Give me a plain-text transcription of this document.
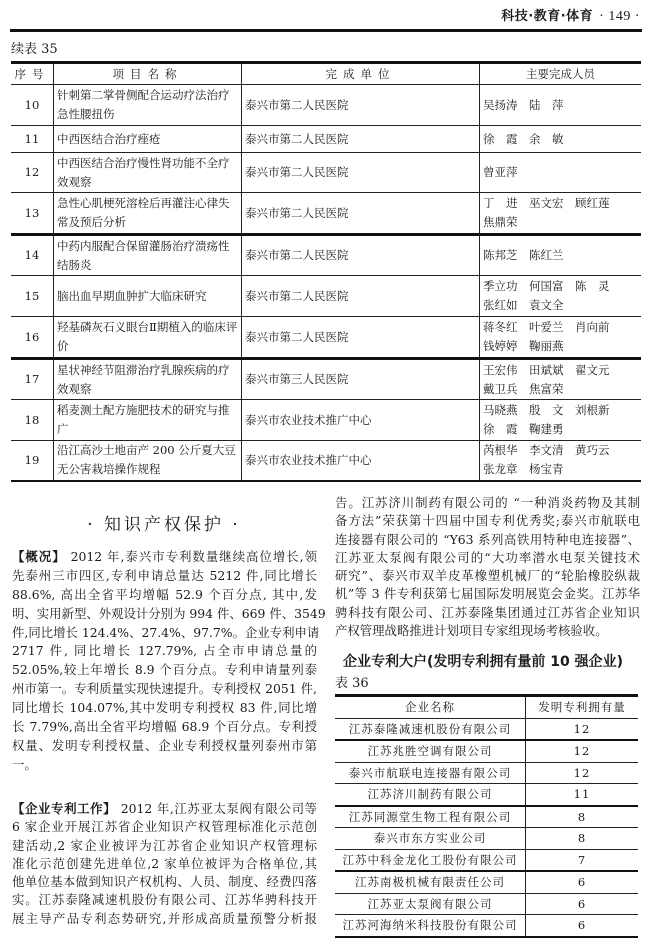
科技·教育·体育 · 149 ·
续表 35
序号	项目名称	完成单位	主要完成人员
10	针刺第二掌骨侧配合运动疗法治疗急性腰扭伤	泰兴市第二人民医院	吴扬涛　陆　萍
11	中西医结合治疗痤疮	泰兴市第二人民医院	徐　霞　余　敏
12	中西医结合治疗慢性肾功能不全疗效观察	泰兴市第二人民医院	曾亚萍
13	急性心肌梗死溶栓后再灌注心律失常及预后分析	泰兴市第二人民医院	丁　进　巫文宏　顾红莲
焦鼎荣
14	中药内服配合保留灌肠治疗溃疡性结肠炎	泰兴市第二人民医院	陈邦芝　陈红兰
15	脑出血早期血肿扩大临床研究	泰兴市第二人民医院	季立功　何国富　陈　灵
张红如　袁文全
16	羟基磷灰石义眼台Ⅱ期植入的临床评价	泰兴市第二人民医院	蒋冬红　叶爱兰　肖向前
钱婷婷　鞠丽燕
17	星状神经节阻滞治疗乳腺疾病的疗效观察	泰兴市第三人民医院	王宏伟　田斌斌　翟文元
戴卫兵　焦富荣
18	稻麦测土配方施肥技术的研究与推广	泰兴市农业技术推广中心	马晓燕　殷　文　刘根新
徐　霞　鞠建勇
19	沿江高沙土地亩产 200 公斤夏大豆无公害栽培操作规程	泰兴市农业技术推广中心	芮根华　李文清　黄巧云
张龙章　杨宝青
· 知识产权保护 ·
【概况】 2012 年,泰兴市专利数量继续高位增长,领
先泰州三市四区,专利申请总量达 5212 件,同比增长
88.6%, 高出全省平均增幅 52.9 个百分点, 其中,发
明、实用新型、外观设计分别为 994 件、669 件、3549
件,同比增长 124.4%、27.4%、97.7%。企业专利申请
2717 件, 同比增长 127.79%, 占全市申请总量的
52.05%,较上年增长 8.9 个百分点。专利申请量列泰
州市第一。专利质量实现快速提升。专利授权 2051 件,
同比增长 104.07%,其中发明专利授权 83 件,同比增
长 7.79%,高出全省平均增幅 68.9 个百分点。专利授
权量、发明专利授权量、企业专利授权量列泰州市第
一。
【企业专利工作】 2012 年,江苏亚太泵阀有限公司等
6 家企业开展江苏省企业知识产权管理标准化示范创
建活动,2 家企业被评为江苏省企业知识产权管理标
准化示范创建先进单位,2 家单位被评为合格单位,其
他单位基本做到知识产权机构、人员、制度、经费四落
实。江苏泰隆减速机股份有限公司、江苏华骋科技开
展主导产品专利态势研究,并形成高质量预警分析报
告。江苏济川制药有限公司的 “一种消炎药物及其制
备方法”荣获第十四届中国专利优秀奖;泰兴市航联电
连接器有限公司的 “Y63 系列高铁用特种电连接器”、
江苏亚太泵阀有限公司的“大功率潜水电泵关键技术
研究”、泰兴市双羊皮革橡塑机械厂的“轮胎橡胶纵裁
机”等 3 件专利获第七届国际发明展览会金奖。江苏华
骋科技有限公司、江苏泰隆集团通过江苏省企业知识
产权管理战略推进计划项目专家组现场考核验收。
企业专利大户(发明专利拥有量前 10 强企业)
表 36
企业名称	发明专利拥有量
江苏泰隆减速机股份有限公司	12
江苏兆胜空调有限公司	12
泰兴市航联电连接器有限公司	12
江苏济川制药有限公司	11
江苏同源堂生物工程有限公司	8
泰兴市东方实业公司	8
江苏中科金龙化工股份有限公司	7
江苏南极机械有限责任公司	6
江苏亚太泵阀有限公司	6
江苏河海纳米科技股份有限公司	6
